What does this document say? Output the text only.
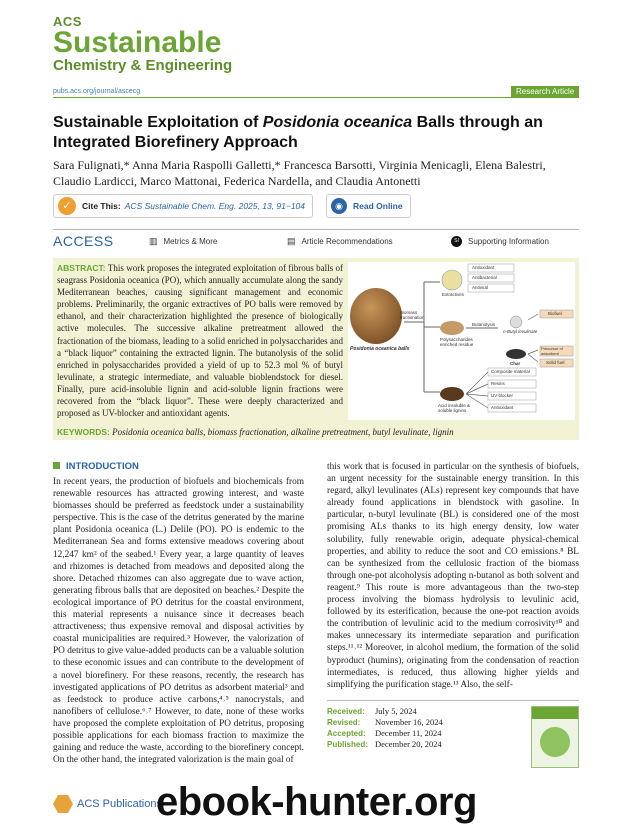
ACS
Sustainable
Chemistry & Engineering
pubs.acs.org/journal/ascecg	Research Article
Sustainable Exploitation of Posidonia oceanica Balls through an Integrated Biorefinery Approach
Sara Fulignati,* Anna Maria Raspolli Galletti,* Francesca Barsotti, Virginia Menicagli, Elena Balestri,
Claudio Lardicci, Marco Mattonai, Federica Nardella, and Claudia Antonetti
✓	Cite This: ACS Sustainable Chem. Eng. 2025, 13, 91−104	◉	Read Online
ACCESS	▥ Metrics & More	▤ Article Recommendations	SI	Supporting Information
ABSTRACT: This work proposes the integrated exploitation of fibrous balls of seagrass Posidonia oceanica (PO), which annually accumulate along the sandy Mediterranean beaches, causing significant management and economic problems. Preliminarily, the organic extractives of PO balls were removed by ethanol, and their characterization highlighted the presence of biologically active molecules. The successive alkaline pretreatment allowed the fractionation of the biomass, leading to a solid enriched in polysaccharides and a “black liquor” containing the extracted lignin. The butanolysis of the solid enriched in polysaccharides provided a yield of up to 52.3 mol % of butyl levulinate, a strategic intermediate, and valuable bioblendstock for diesel. Finally, pure acid-insoluble lignin and acid-soluble lignin fractions were recovered from the “black liquor”. These were deeply characterized and proposed as UV-blocker and antioxidant agents.
KEYWORDS: Posidonia oceanica balls, biomass fractionation, alkaline pretreatment, butyl levulinate, lignin
Posidonia oceanica balls
Biomass fractionation
Extractives
Antioxidant
Antibacterial
Antiviral
Polysaccharides enriched residue
Butanolysis
n-Butyl levulinate
Char
Biofuel
Precursor of adsorbent
Solid fuel
Acid insoluble & soluble lignins
Composite material
Resins
UV-blocker
Antioxidant
INTRODUCTION
In recent years, the production of biofuels and biochemicals from renewable resources has attracted growing interest, and waste biomasses should be preferred as feedstock under a sustainability perspective. This is the case of the detritus generated by the marine plant Posidonia oceanica (L.) Delile (PO). PO is endemic to the Mediterranean Sea and forms extensive meadows covering about 12,247 km² of the seabed.¹ Every year, a large quantity of leaves and rhizomes is detached from meadows and deposited along the shore. Detached rhizomes can also aggregate due to wave action, generating fibrous balls that are deposited on beaches.² Despite the ecological importance of PO detritus for the coastal environment, this material represents a nuisance since it decreases beach attractiveness; thus expensive removal and disposal activities by coastal municipalities are required.³ However, the valorization of PO detritus to give value-added products can be a valuable solution to these economic issues and can contribute to the development of a novel biorefinery. For these reasons, recently, the research has investigated applications of PO detritus as adsorbent material³ and as feedstock to produce active carbons,⁴˒⁵ nanocrystals, and nanofibers of cellulose.⁶˒⁷ However, to date, none of these works have proposed the complete exploitation of PO detritus, proposing possible applications for each biomass fraction to maximize the gaining and reduce the waste, according to the biorefinery concept. On the other hand, the integrated valorization is the main goal of
this work that is focused in particular on the synthesis of biofuels, an urgent necessity for the sustainable energy transition. In this regard, alkyl levulinates (ALs) represent key compounds that have already found applications in blendstock with gasoline. In particular, n-butyl levulinate (BL) is considered one of the most promising ALs thanks to its high energy density, low water solubility, fully renewable origin, adequate physical-chemical properties, and ability to reduce the soot and CO emissions.⁸ BL can be synthesized from the cellulosic fraction of the biomass through one-pot alcoholysis adopting n-butanol as both solvent and reagent.⁹ This route is more advantageous than the two-step process involving the biomass hydrolysis to levulinic acid, followed by its esterification, because the one-pot reaction avoids the contribution of levulinic acid to the medium corrosivity¹⁰ and makes unnecessary its intermediate separation and purification steps.¹¹˒¹² Moreover, in alcohol medium, the formation of the solid byproduct (humins), originating from the condensation of reaction intermediates, is reduced, thus allowing higher yields and simplifying the purification stage.¹³ Also, the self-
Received: July 5, 2024
Revised: November 16, 2024
Accepted: December 11, 2024
Published: December 20, 2024
ACS Publications
ebook-hunter.org
